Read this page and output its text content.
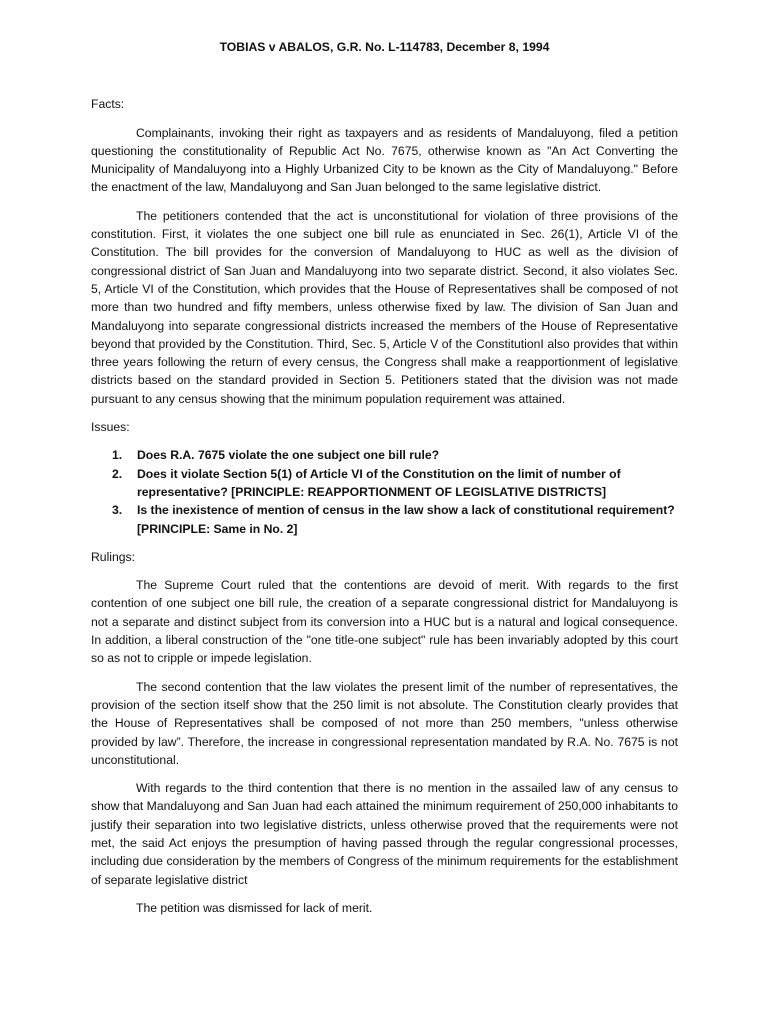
TOBIAS v ABALOS, G.R. No. L-114783, December 8, 1994
Facts:

Complainants, invoking their right as taxpayers and as residents of Mandaluyong, filed a petition questioning the constitutionality of Republic Act No. 7675, otherwise known as "An Act Converting the Municipality of Mandaluyong into a Highly Urbanized City to be known as the City of Mandaluyong." Before the enactment of the law, Mandaluyong and San Juan belonged to the same legislative district.

The petitioners contended that the act is unconstitutional for violation of three provisions of the constitution. First, it violates the one subject one bill rule as enunciated in Sec. 26(1), Article VI of the Constitution. The bill provides for the conversion of Mandaluyong to HUC as well as the division of congressional district of San Juan and Mandaluyong into two separate district. Second, it also violates Sec. 5, Article VI of the Constitution, which provides that the House of Representatives shall be composed of not more than two hundred and fifty members, unless otherwise fixed by law. The division of San Juan and Mandaluyong into separate congressional districts increased the members of the House of Representative beyond that provided by the Constitution. Third, Sec. 5, Article V of the ConstitutionI also provides that within three years following the return of every census, the Congress shall make a reapportionment of legislative districts based on the standard provided in Section 5. Petitioners stated that the division was not made pursuant to any census showing that the minimum population requirement was attained.

Issues:
1. Does R.A. 7675 violate the one subject one bill rule?
2. Does it violate Section 5(1) of Article VI of the Constitution on the limit of number of representative? [PRINCIPLE: REAPPORTIONMENT OF LEGISLATIVE DISTRICTS]
3. Is the inexistence of mention of census in the law show a lack of constitutional requirement? [PRINCIPLE: Same in No. 2]
Rulings:

The Supreme Court ruled that the contentions are devoid of merit. With regards to the first contention of one subject one bill rule, the creation of a separate congressional district for Mandaluyong is not a separate and distinct subject from its conversion into a HUC but is a natural and logical consequence. In addition, a liberal construction of the "one title-one subject" rule has been invariably adopted by this court so as not to cripple or impede legislation.

The second contention that the law violates the present limit of the number of representatives, the provision of the section itself show that the 250 limit is not absolute. The Constitution clearly provides that the House of Representatives shall be composed of not more than 250 members, "unless otherwise provided by law”. Therefore, the increase in congressional representation mandated by R.A. No. 7675 is not unconstitutional.

With regards to the third contention that there is no mention in the assailed law of any census to show that Mandaluyong and San Juan had each attained the minimum requirement of 250,000 inhabitants to justify their separation into two legislative districts, unless otherwise proved that the requirements were not met, the said Act enjoys the presumption of having passed through the regular congressional processes, including due consideration by the members of Congress of the minimum requirements for the establishment of separate legislative district

The petition was dismissed for lack of merit.
